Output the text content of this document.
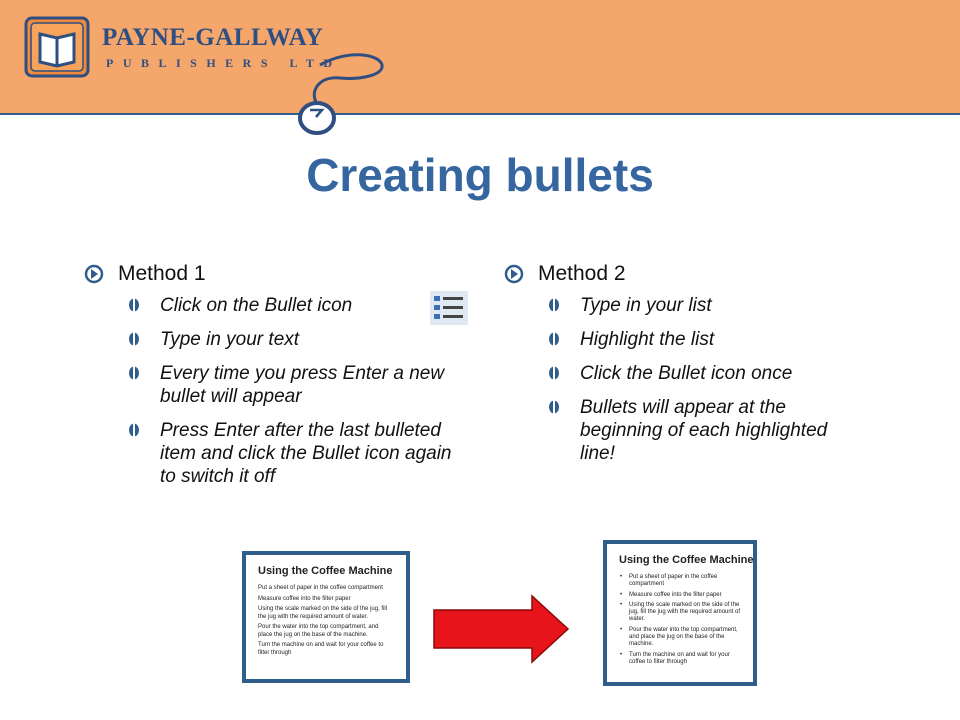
PAYNE-GALLWAY
PUBLISHERS LTD
Creating bullets
Method 1
Click on the Bullet icon
Type in your text
Every time you press Enter a new bullet will appear
Press Enter after the last bulleted item and click the Bullet icon again to switch it off
Method 2
Type in your list
Highlight the list
Click the Bullet icon once
Bullets will appear at the beginning of each highlighted line!
Using the Coffee Machine
Put a sheet of paper in the coffee compartment
Measure coffee into the filter paper
Using the scale marked on the side of the jug, fill the jug with the required amount of water.
Pour the water into the top compartment, and place the jug on the base of the machine.
Turn the machine on and wait for your coffee to filter through
Using the Coffee Machine
• Put a sheet of paper in the coffee compartment
• Measure coffee into the filter paper
• Using the scale marked on the side of the jug, fill the jug with the required amount of water.
• Pour the water into the top compartment, and place the jug on the base of the machine.
• Turn the machine on and wait for your coffee to filter through
